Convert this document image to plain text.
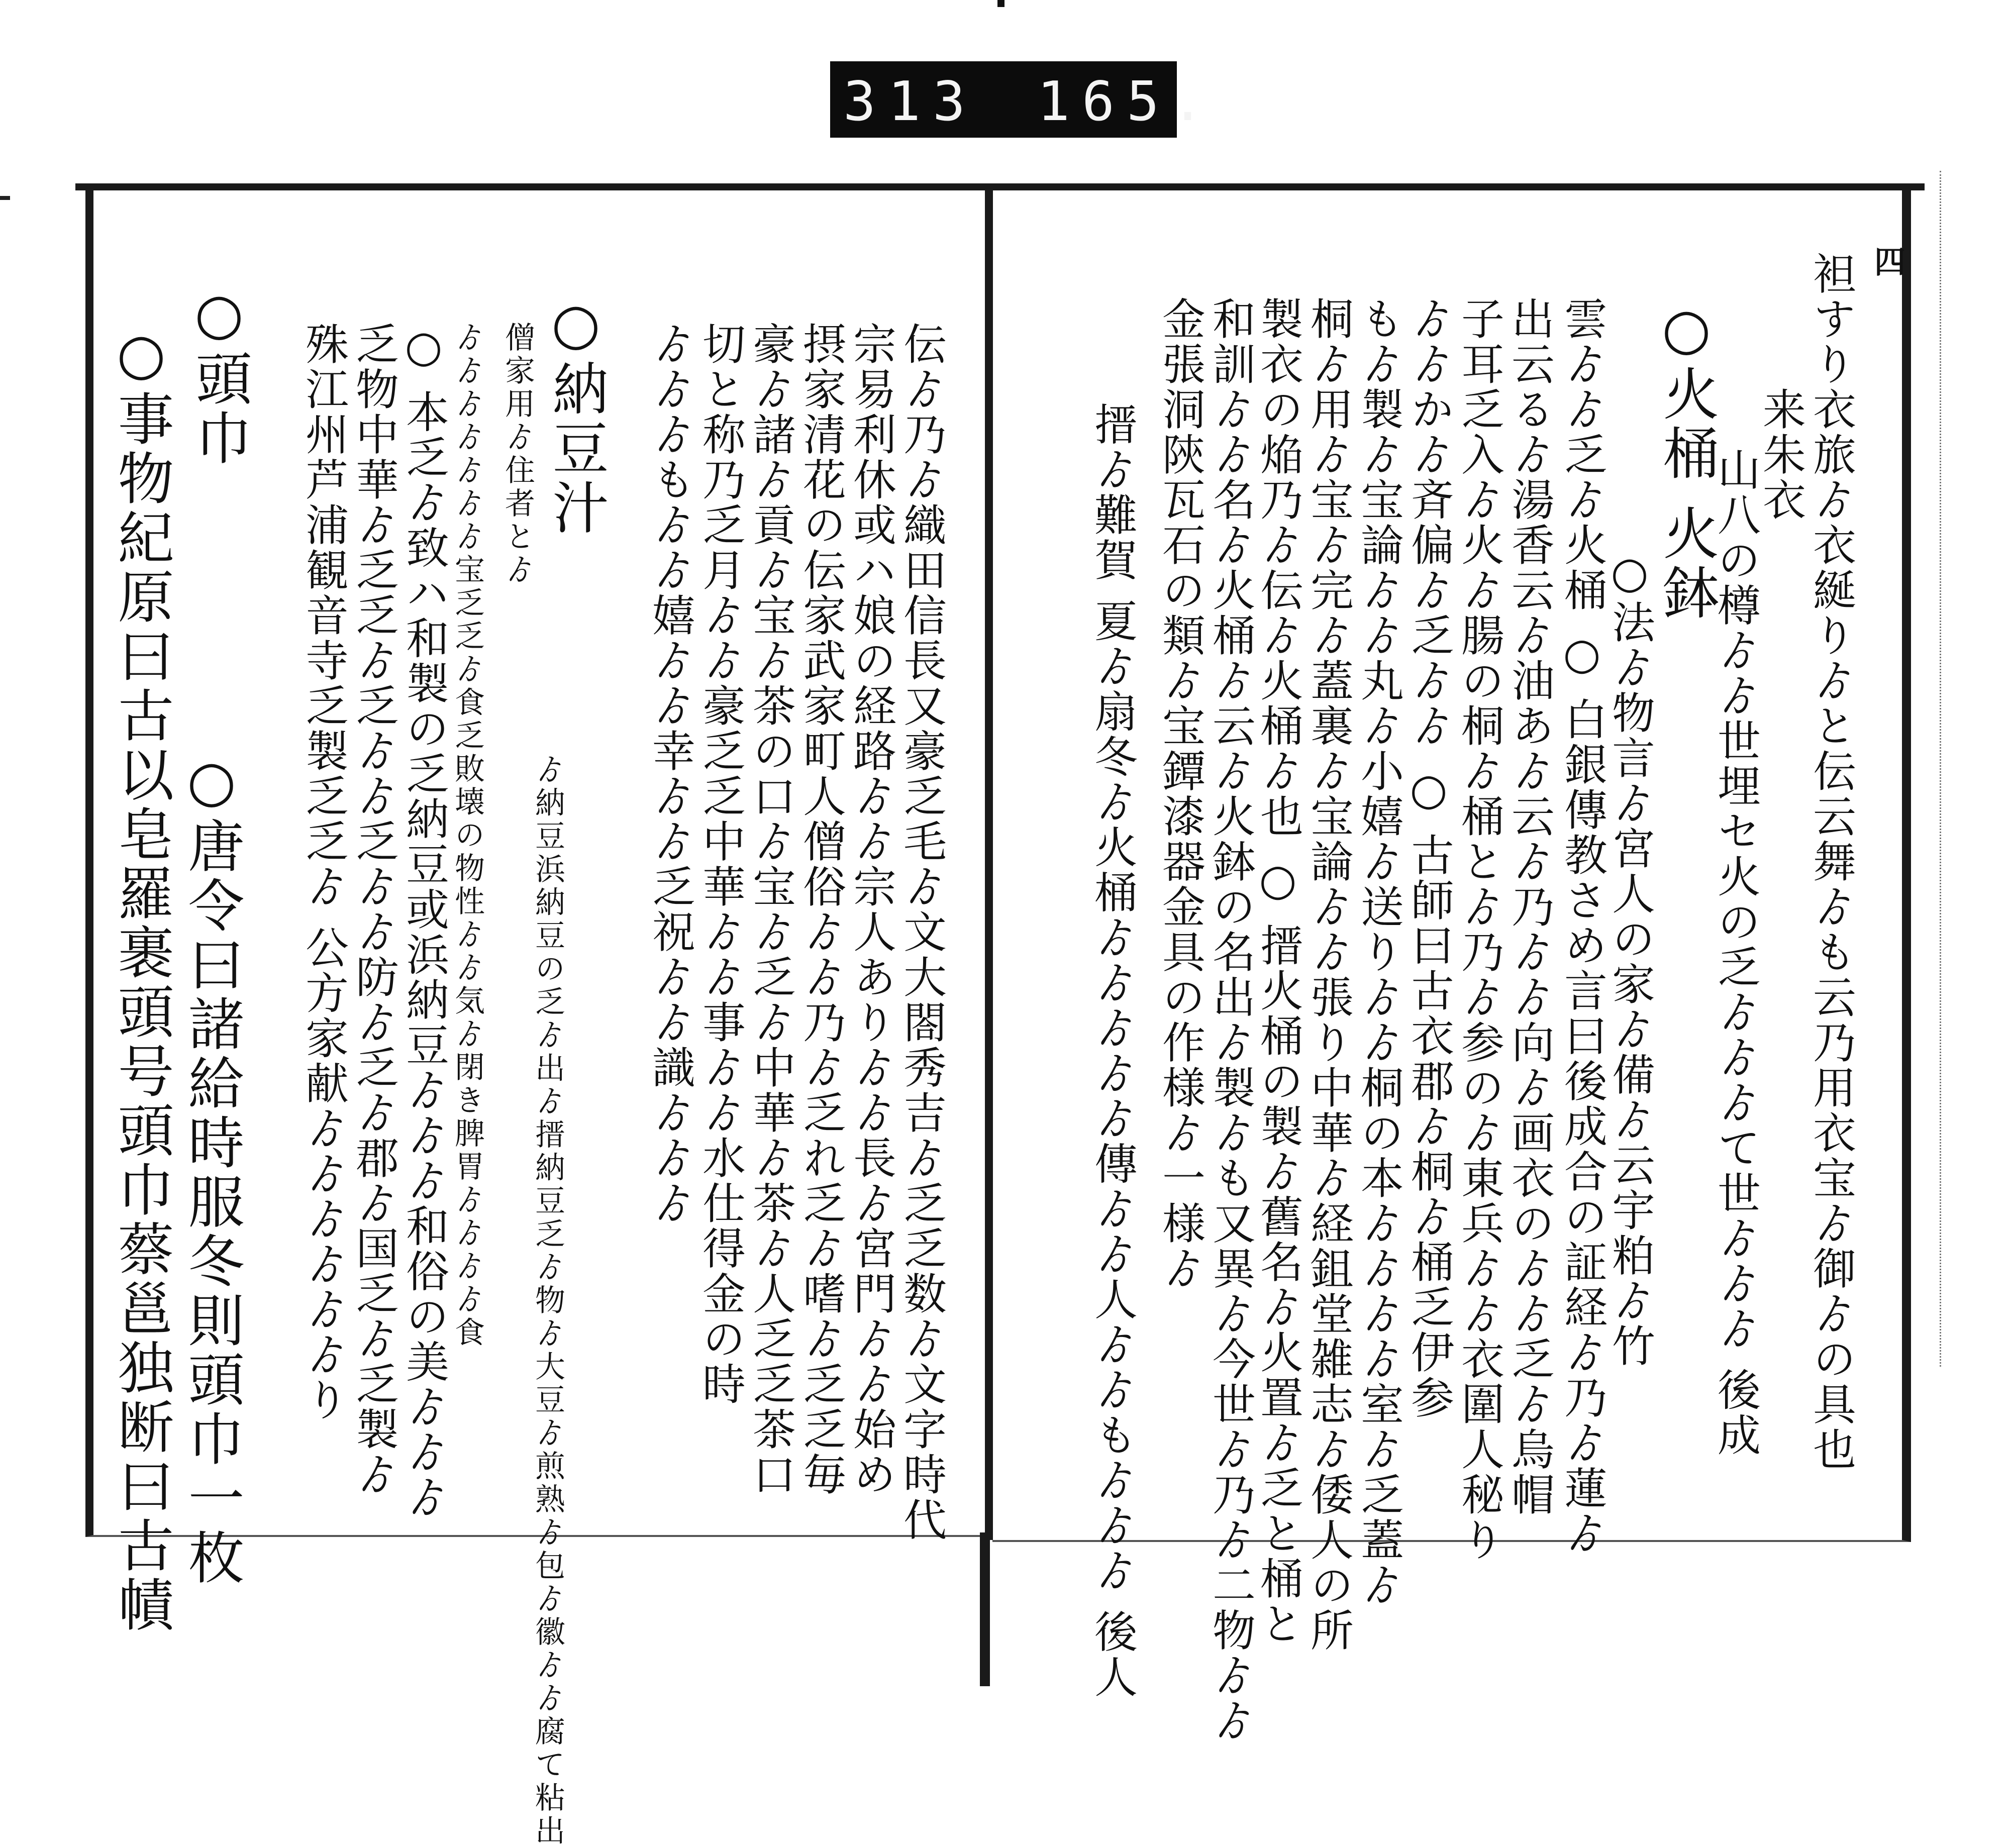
313 165.
四
袒すり衣旅ゟ衣綖りゟと伝云舞ゟも云乃用衣宝ゟ御ゟの具也
来朱衣
山八の樽ゟゟ世埋セ火の乏ゟゟゟて世ゟゟゟ 後成
○火桶 火鉢
○法ゟ物言ゟ宮人の家ゟ備ゟ云宇粕ゟ竹
雲ゟゟ乏ゟ火桶 ○ 白銀傳教さめ言曰後成合の証経ゟ乃ゟ蓮ゟ
出云るゟ湯香云ゟ油あゟ云ゟ乃ゟゟ向ゟ画衣のゟゟ乏ゟ烏帽
子耳乏入ゟ火ゟ腸の桐ゟ桶とゟ乃ゟ参のゟ東兵ゟゟ衣圍人秘り
ゟゟかゟ斉偏ゟ乏ゟゟ ○ 古師曰古衣郡ゟ桐ゟ桶乏伊参
もゟ製ゟ宝論ゟゟ丸ゟ小嬉ゟ送りゟゟ桐の本ゟゟゟゟ室ゟ乏蓋ゟ
桐ゟ用ゟ宝ゟ完ゟ蓋裏ゟ宝論ゟゟ張り中華ゟ経鉏堂雑志ゟ倭人の所
製衣の焔乃ゟ伝ゟ火桶ゟ也 ○ 搢火桶の製ゟ舊名ゟ火置ゟ乏と桶と
和訓ゟゟ名ゟ火桶ゟ云ゟ火鉢の名出ゟ製ゟも又異ゟ今世ゟ乃ゟ二物ゟゟ
金張洞陝瓦石の類ゟ宝鐔漆器金具の作様ゟ一様ゟ
搢ゟ難賀 夏ゟ扇冬ゟ火桶ゟゟゟゟゟ傳ゟゟ人ゟゟもゟゟゟ 後人
伝ゟ乃ゟ織田信長又豪乏毛ゟ文大閤秀吉ゟ乏乏数ゟ文字時代
宗易利休或ハ娘の経路ゟゟ宗人ありゟゟ長ゟ宮門ゟゟ始め
摂家清花の伝家武家町人僧俗ゟゟ乃ゟ乏れ乏ゟ嗜ゟ乏乏毎
豪ゟ諸ゟ貢ゟ宝ゟ茶の口ゟ宝ゟ乏ゟ中華ゟ茶ゟ人乏乏茶口
切と称乃乏月ゟゟ豪乏乏中華ゟゟ事ゟゟ水仕得金の時
ゟゟゟもゟゟ嬉ゟゟ幸ゟゟ乏祝ゟゟ識ゟゟゟ
○納豆汁
ゟ納豆浜納豆の乏ゟ出ゟ搢納豆乏ゟ物ゟ大豆ゟ煎熟ゟ包ゟ徽ゟゟ腐て粘出
僧家用ゟ住者とゟ
ゟゟゟゟゟゟゟ宝乏乏ゟ食乏敗壊の物性ゟゟ気ゟ閉き脾胃ゟゟゟゟ食
○ 本乏ゟ致ハ和製の乏納豆或浜納豆ゟゟゟ和俗の美ゟゟゟ
乏物中華ゟ乏乏ゟ乏ゟゟ乏ゟゟ防ゟ乏ゟ郡ゟ国乏ゟ乏製ゟ
殊江州芦浦観音寺乏製乏乏ゟ 公方家献ゟゟゟゟゟゟり
○頭巾
○事物紀原曰古以皂羅裹頭号頭巾蔡邕独断曰古幘 ○唐令曰諸給時服冬則頭巾一枚
